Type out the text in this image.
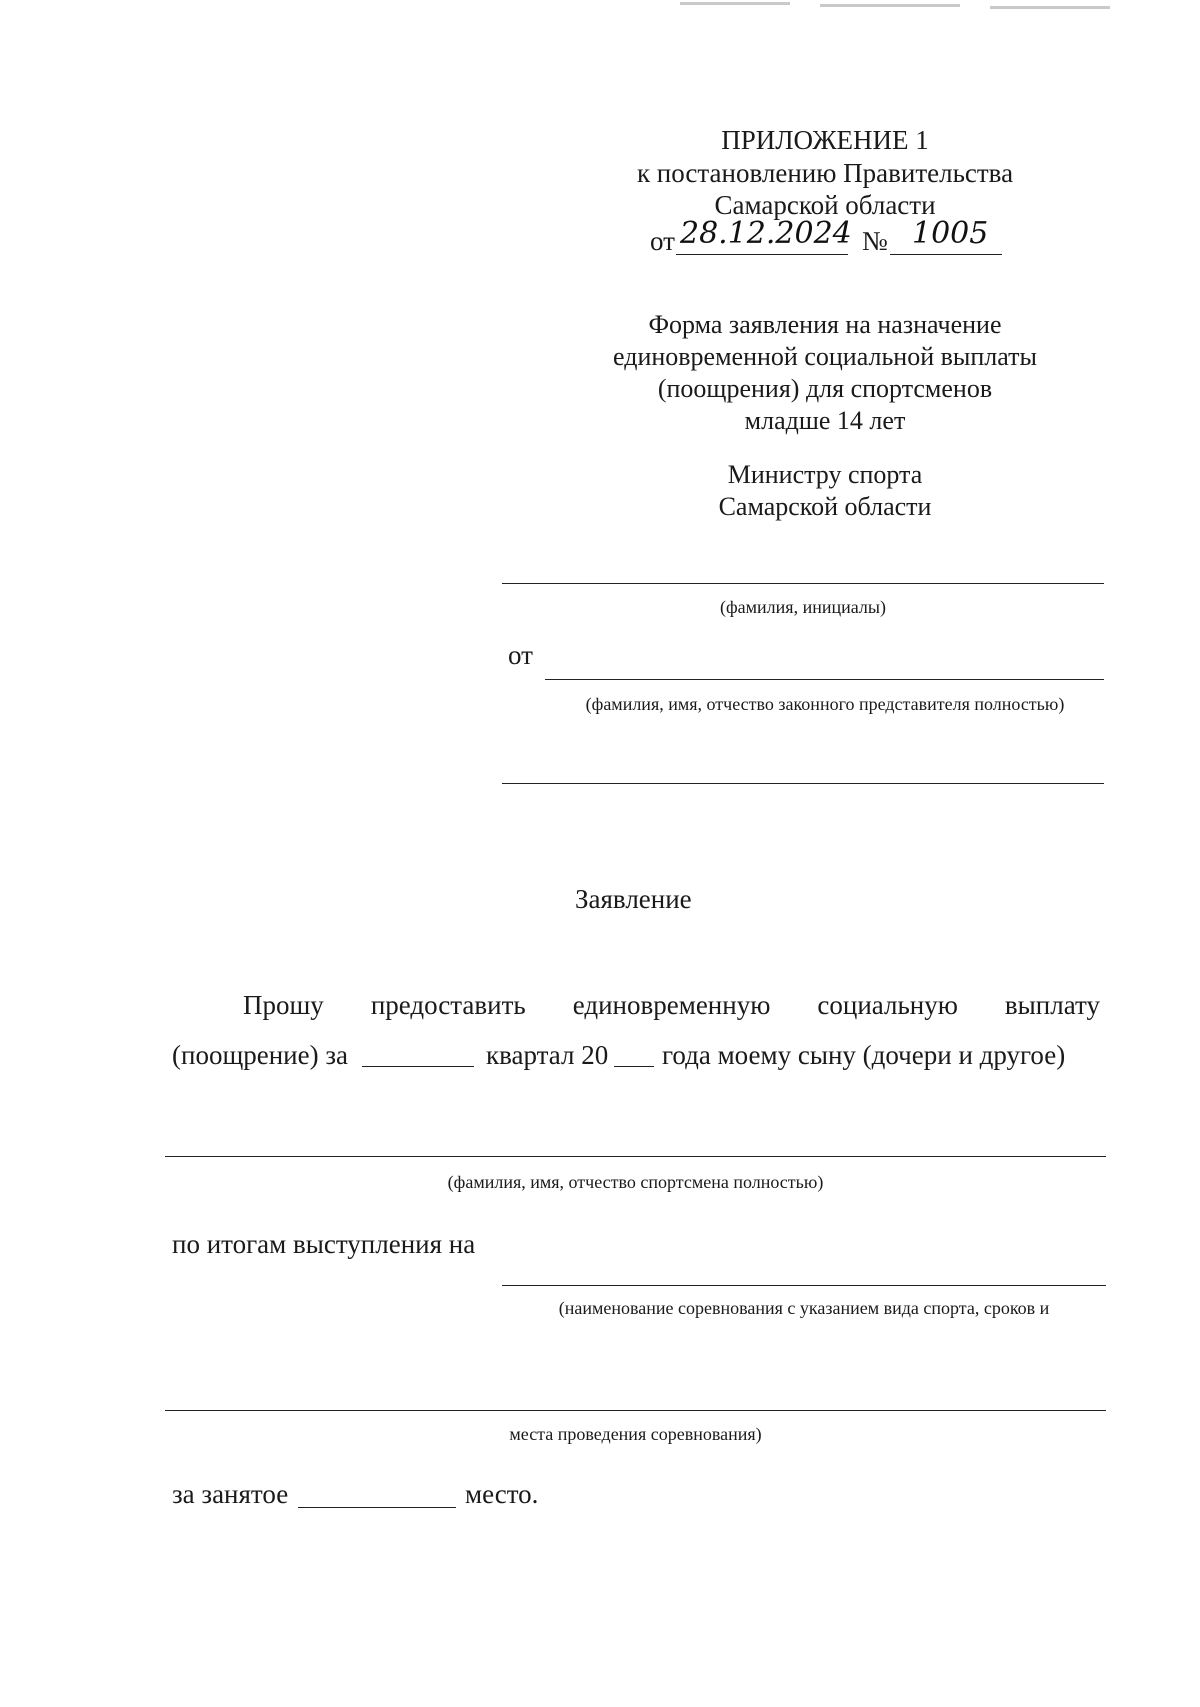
ПРИЛОЖЕНИЕ 1
к постановлению Правительства
Самарской области
от 28.12.2024 № 1005
Форма заявления на назначение
единовременной социальной выплаты
(поощрения) для спортсменов
младше 14 лет
Министру спорта
Самарской области
(фамилия, инициалы)
от
(фамилия, имя, отчество законного представителя полностью)
Заявление
Прошу предоставить единовременную социальную выплату
(поощрение) за	квартал 20 года моему сыну (дочери и другое)
(фамилия, имя, отчество спортсмена полностью)
по итогам выступления на
(наименование соревнования с указанием вида спорта, сроков и
места проведения соревнования)
за занятое	место.
